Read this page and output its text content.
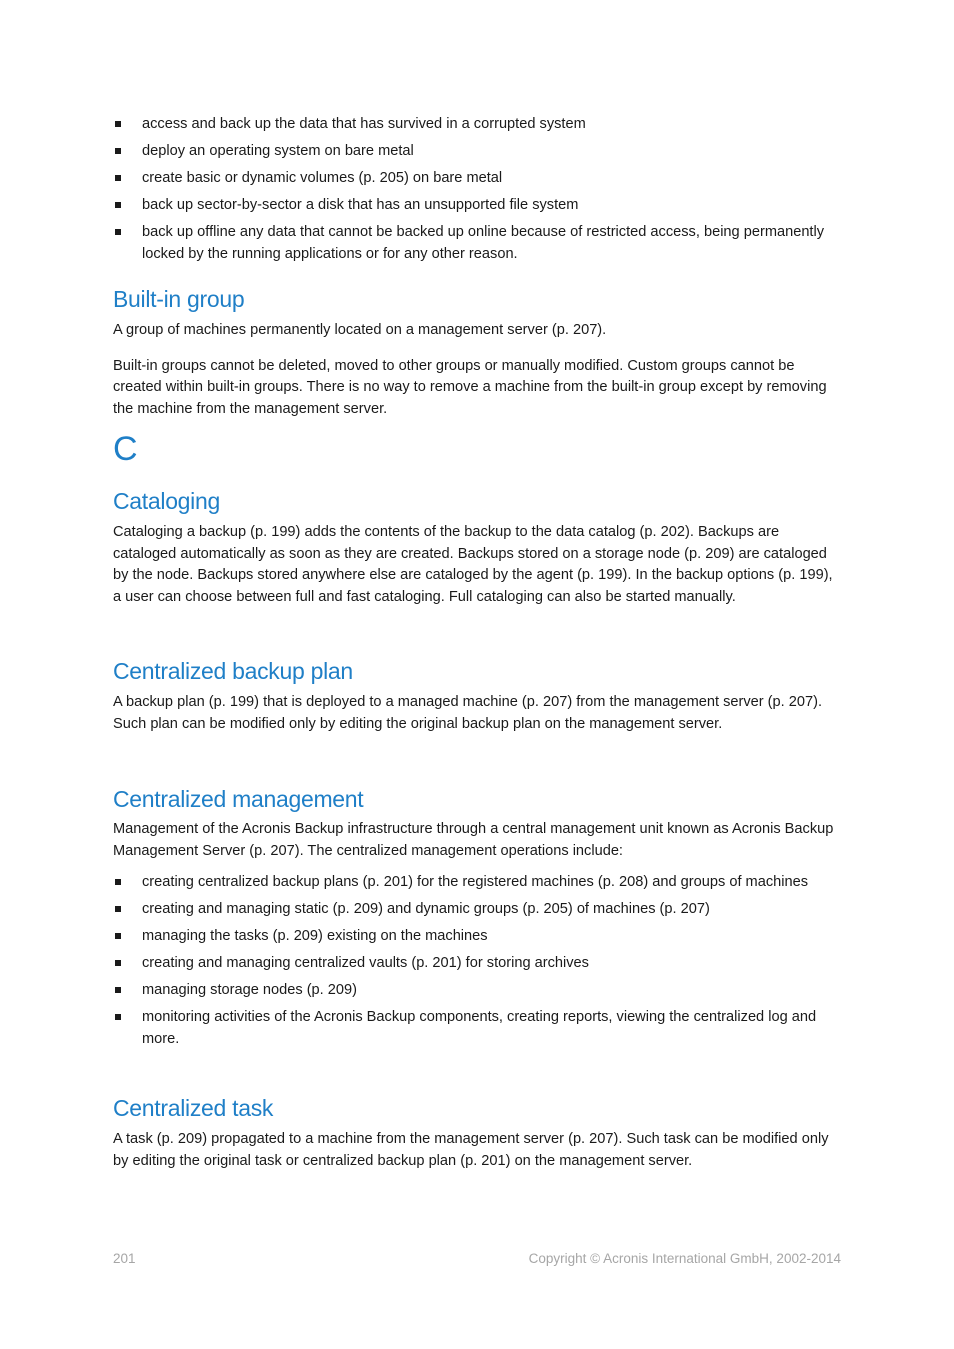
access and back up the data that has survived in a corrupted system
deploy an operating system on bare metal
create basic or dynamic volumes (p. 205) on bare metal
back up sector-by-sector a disk that has an unsupported file system
back up offline any data that cannot be backed up online because of restricted access, being permanently locked by the running applications or for any other reason.
Built-in group

A group of machines permanently located on a management server (p. 207).

Built-in groups cannot be deleted, moved to other groups or manually modified. Custom groups cannot be created within built-in groups. There is no way to remove a machine from the built-in group except by removing the machine from the management server.

C
Cataloging

Cataloging a backup (p. 199) adds the contents of the backup to the data catalog (p. 202). Backups are cataloged automatically as soon as they are created. Backups stored on a storage node (p. 209) are cataloged by the node. Backups stored anywhere else are cataloged by the agent (p. 199). In the backup options (p. 199), a user can choose between full and fast cataloging. Full cataloging can also be started manually.

Centralized backup plan

A backup plan (p. 199) that is deployed to a managed machine (p. 207) from the management server (p. 207). Such plan can be modified only by editing the original backup plan on the management server.

Centralized management

Management of the Acronis Backup infrastructure through a central management unit known as Acronis Backup Management Server (p. 207). The centralized management operations include:

creating centralized backup plans (p. 201) for the registered machines (p. 208) and groups of machines
creating and managing static (p. 209) and dynamic groups (p. 205) of machines (p. 207)
managing the tasks (p. 209) existing on the machines
creating and managing centralized vaults (p. 201) for storing archives
managing storage nodes (p. 209)
monitoring activities of the Acronis Backup components, creating reports, viewing the centralized log and more.
Centralized task

A task (p. 209) propagated to a machine from the management server (p. 207). Such task can be modified only by editing the original task or centralized backup plan (p. 201) on the management server.

201	Copyright © Acronis International GmbH, 2002-2014
